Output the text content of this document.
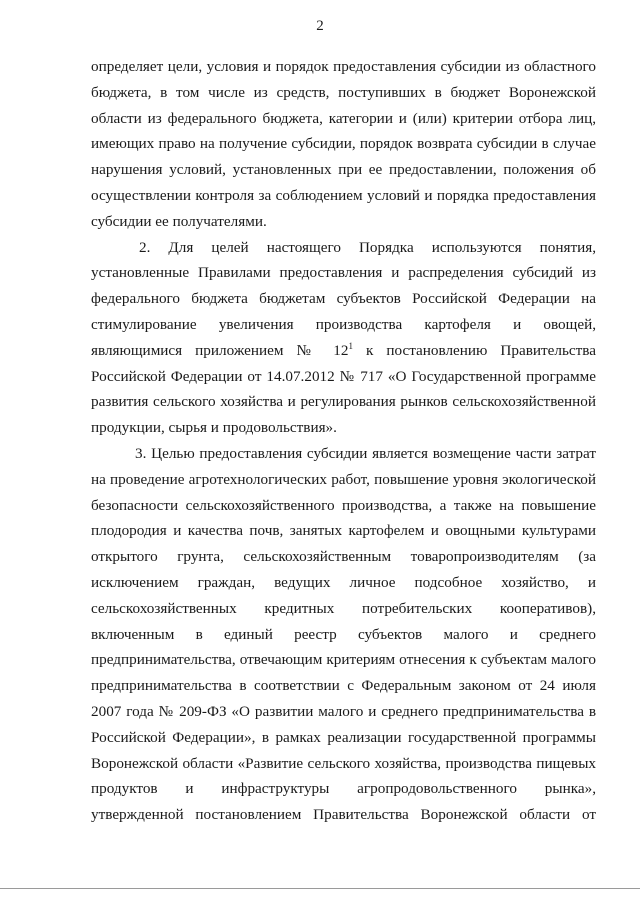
2
определяет цели, условия и порядок предоставления субсидии из областного
бюджета, в том числе из средств, поступивших в бюджет Воронежской
области из федерального бюджета, категории и (или) критерии отбора лиц,
имеющих право на получение субсидии, порядок возврата субсидии в случае
нарушения условий, установленных при ее предоставлении, положения об
осуществлении контроля за соблюдением условий и порядка предоставления
субсидии ее получателями.
2. Для целей настоящего Порядка используются понятия,
установленные Правилами предоставления и распределения субсидий из
федерального бюджета бюджетам субъектов Российской Федерации на
стимулирование увеличения производства картофеля и овощей,
являющимися приложением № $12^1$ к постановлению Правительства
Российской Федерации от 14.07.2012 № 717 «О Государственной программе
развития сельского хозяйства и регулирования рынков сельскохозяйственной
продукции, сырья и продовольствия».
3. Целью предоставления субсидии является возмещение части затрат
на проведение агротехнологических работ, повышение уровня экологической
безопасности сельскохозяйственного производства, а также на повышение
плодородия и качества почв, занятых картофелем и овощными культурами
открытого грунта, сельскохозяйственным товаропроизводителям (за
исключением граждан, ведущих личное подсобное хозяйство, и
сельскохозяйственных кредитных потребительских кооперативов),
включенным в единый реестр субъектов малого и среднего
предпринимательства, отвечающим критериям отнесения к субъектам малого
предпринимательства в соответствии с Федеральным законом от 24 июля
2007 года № 209-ФЗ «О развитии малого и среднего предпринимательства в
Российской Федерации», в рамках реализации государственной программы
Воронежской области «Развитие сельского хозяйства, производства пищевых
продуктов и инфраструктуры агропродовольственного рынка»,
утвержденной постановлением Правительства Воронежской области от
